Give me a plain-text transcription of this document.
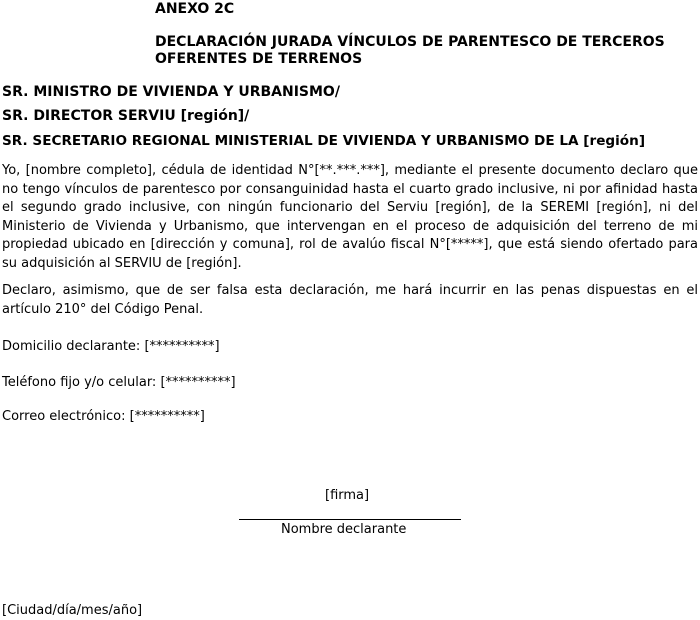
ANEXO 2C
DECLARACIÓN JURADA VÍNCULOS DE PARENTESCO DE TERCEROS
OFERENTES DE TERRENOS
SR. MINISTRO DE VIVIENDA Y URBANISMO/
SR. DIRECTOR SERVIU [región]/
SR. SECRETARIO REGIONAL MINISTERIAL DE VIVIENDA Y URBANISMO DE LA [región]
Yo, [nombre completo], cédula de identidad N°[**.***.***], mediante el presente documento declaro que no tengo vínculos de parentesco por consanguinidad hasta el cuarto grado inclusive, ni por afinidad hasta el segundo grado inclusive, con ningún funcionario del Serviu [región], de la SEREMI [región], ni del Ministerio de Vivienda y Urbanismo, que intervengan en el proceso de adquisición del terreno de mi propiedad ubicado en [dirección y comuna], rol de avalúo fiscal N°[*****], que está siendo ofertado para su adquisición al SERVIU de [región].
Declaro, asimismo, que de ser falsa esta declaración, me hará incurrir en las penas dispuestas en el artículo 210° del Código Penal.
Domicilio declarante: [**********]
Teléfono fijo y/o celular: [**********]
Correo electrónico: [**********]
[firma]
Nombre declarante
[Ciudad/día/mes/año]
